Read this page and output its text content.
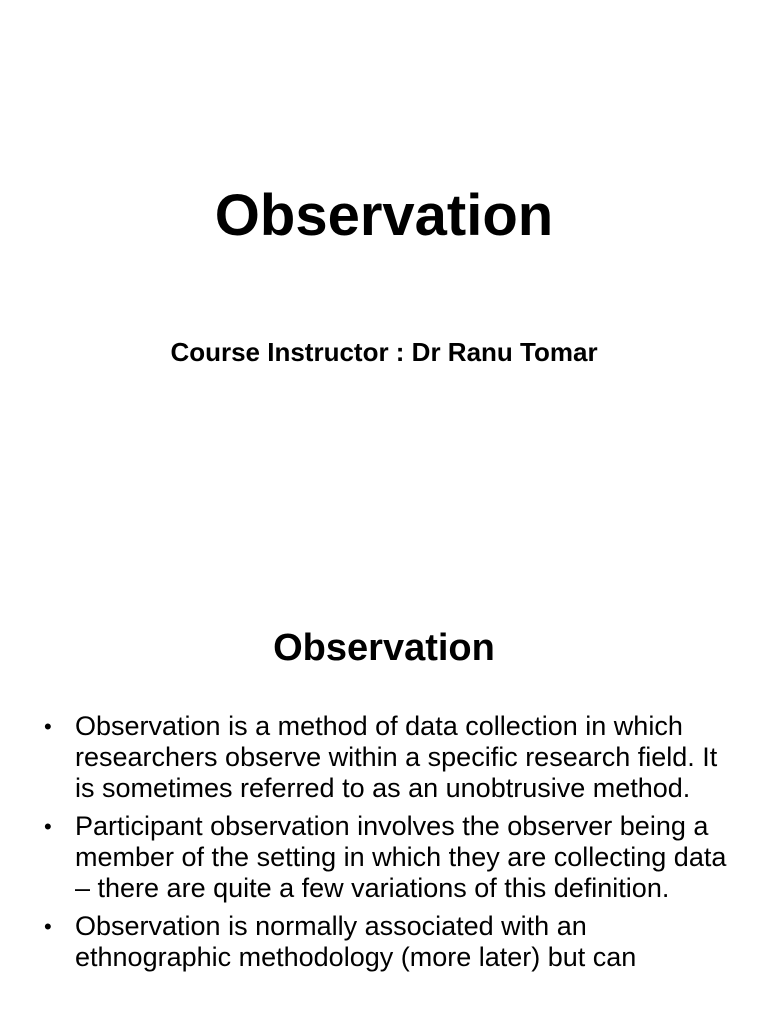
Observation

Course Instructor : Dr Ranu Tomar

Observation
• Observation is a method of data collection in which researchers observe within a specific research field. It is sometimes referred to as an unobtrusive method.
• Participant observation involves the observer being a member of the setting in which they are collecting data – there are quite a few variations of this definition.
• Observation is normally associated with an ethnographic methodology (more later) but can
